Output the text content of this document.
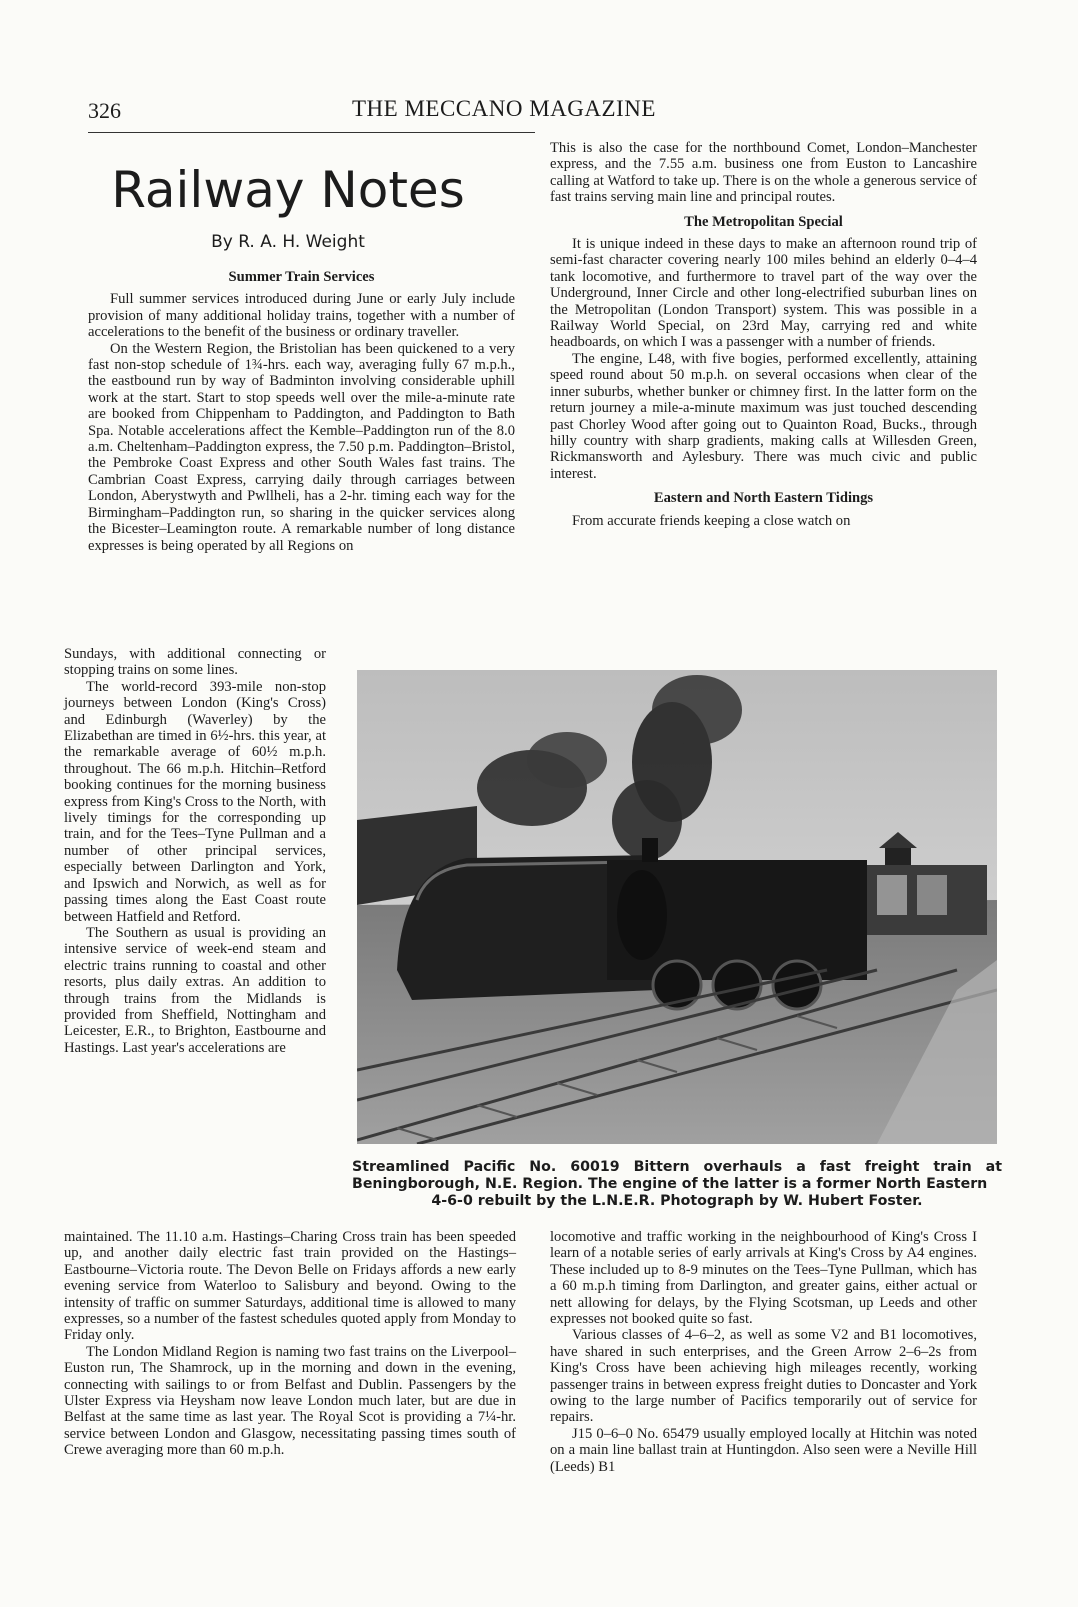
326	THE MECCANO MAGAZINE
Railway Notes
By R. A. H. Weight
Summer Train Services

Full summer services introduced during June or early July include provision of many additional holiday trains, together with a number of accelerations to the benefit of the business or ordinary traveller.

On the Western Region, the Bristolian has been quickened to a very fast non-stop schedule of 1¾-hrs. each way, averaging fully 67 m.p.h., the eastbound run by way of Badminton involving considerable uphill work at the start. Start to stop speeds well over the mile-a-minute rate are booked from Chippenham to Paddington, and Paddington to Bath Spa. Notable accelerations affect the Kemble–Paddington run of the 8.0 a.m. Cheltenham–Paddington express, the 7.50 p.m. Paddington–Bristol, the Pembroke Coast Express and other South Wales fast trains. The Cambrian Coast Express, carrying daily through carriages between London, Aberystwyth and Pwllheli, has a 2-hr. timing each way for the Birmingham–Paddington run, so sharing in the quicker services along the Bicester–Leamington route. A remarkable number of long distance expresses is being operated by all Regions on

Sundays, with additional connecting or stopping trains on some lines.

The world-record 393-mile non-stop journeys between London (King's Cross) and Edinburgh (Waverley) by the Elizabethan are timed in 6½-hrs. this year, at the remarkable average of 60½ m.p.h. throughout. The 66 m.p.h. Hitchin–Retford booking continues for the morning business express from King's Cross to the North, with lively timings for the corresponding up train, and for the Tees–Tyne Pullman and a number of other principal services, especially between Darlington and York, and Ipswich and Norwich, as well as for passing times along the East Coast route between Hatfield and Retford.

The Southern as usual is providing an intensive service of week-end steam and electric trains running to coastal and other resorts, plus daily extras. An addition to through trains from the Midlands is provided from Sheffield, Nottingham and Leicester, E.R., to Brighton, Eastbourne and Hastings. Last year's accelerations are

maintained. The 11.10 a.m. Hastings–Charing Cross train has been speeded up, and another daily electric fast train provided on the Hastings–Eastbourne–Victoria route. The Devon Belle on Fridays affords a new early evening service from Waterloo to Salisbury and beyond. Owing to the intensity of traffic on summer Saturdays, additional time is allowed to many expresses, so a number of the fastest schedules quoted apply from Monday to Friday only.

The London Midland Region is naming two fast trains on the Liverpool–Euston run, The Shamrock, up in the morning and down in the evening, connecting with sailings to or from Belfast and Dublin. Passengers by the Ulster Express via Heysham now leave London much later, but are due in Belfast at the same time as last year. The Royal Scot is providing a 7¼-hr. service between London and Glasgow, necessitating passing times south of Crewe averaging more than 60 m.p.h.

This is also the case for the northbound Comet, London–Manchester express, and the 7.55 a.m. business one from Euston to Lancashire calling at Watford to take up. There is on the whole a generous service of fast trains serving main line and principal routes.

The Metropolitan Special

It is unique indeed in these days to make an afternoon round trip of semi-fast character covering nearly 100 miles behind an elderly 0–4–4 tank locomotive, and furthermore to travel part of the way over the Underground, Inner Circle and other long-electrified suburban lines on the Metropolitan (London Transport) system. This was possible in a Railway World Special, on 23rd May, carrying red and white headboards, on which I was a passenger with a number of friends.

The engine, L48, with five bogies, performed excellently, attaining speed round about 50 m.p.h. on several occasions when clear of the inner suburbs, whether bunker or chimney first. In the latter form on the return journey a mile-a-minute maximum was just touched descending past Chorley Wood after going out to Quainton Road, Bucks., through hilly country with sharp gradients, making calls at Willesden Green, Rickmansworth and Aylesbury. There was much civic and public interest.

Eastern and North Eastern Tidings

From accurate friends keeping a close watch on

Streamlined Pacific No. 60019 Bittern overhauls a fast freight train at Beningborough, N.E. Region. The engine of the latter is a former North Eastern
4-6-0 rebuilt by the L.N.E.R. Photograph by W. Hubert Foster.

locomotive and traffic working in the neighbourhood of King's Cross I learn of a notable series of early arrivals at King's Cross by A4 engines. These included up to 8-9 minutes on the Tees–Tyne Pullman, which has a 60 m.p.h timing from Darlington, and greater gains, either actual or nett allowing for delays, by the Flying Scotsman, up Leeds and other expresses not booked quite so fast.

Various classes of 4–6–2, as well as some V2 and B1 locomotives, have shared in such enterprises, and the Green Arrow 2–6–2s from King's Cross have been achieving high mileages recently, working passenger trains in between express freight duties to Doncaster and York owing to the large number of Pacifics temporarily out of service for repairs.

J15 0–6–0 No. 65479 usually employed locally at Hitchin was noted on a main line ballast train at Huntingdon. Also seen were a Neville Hill (Leeds) B1
